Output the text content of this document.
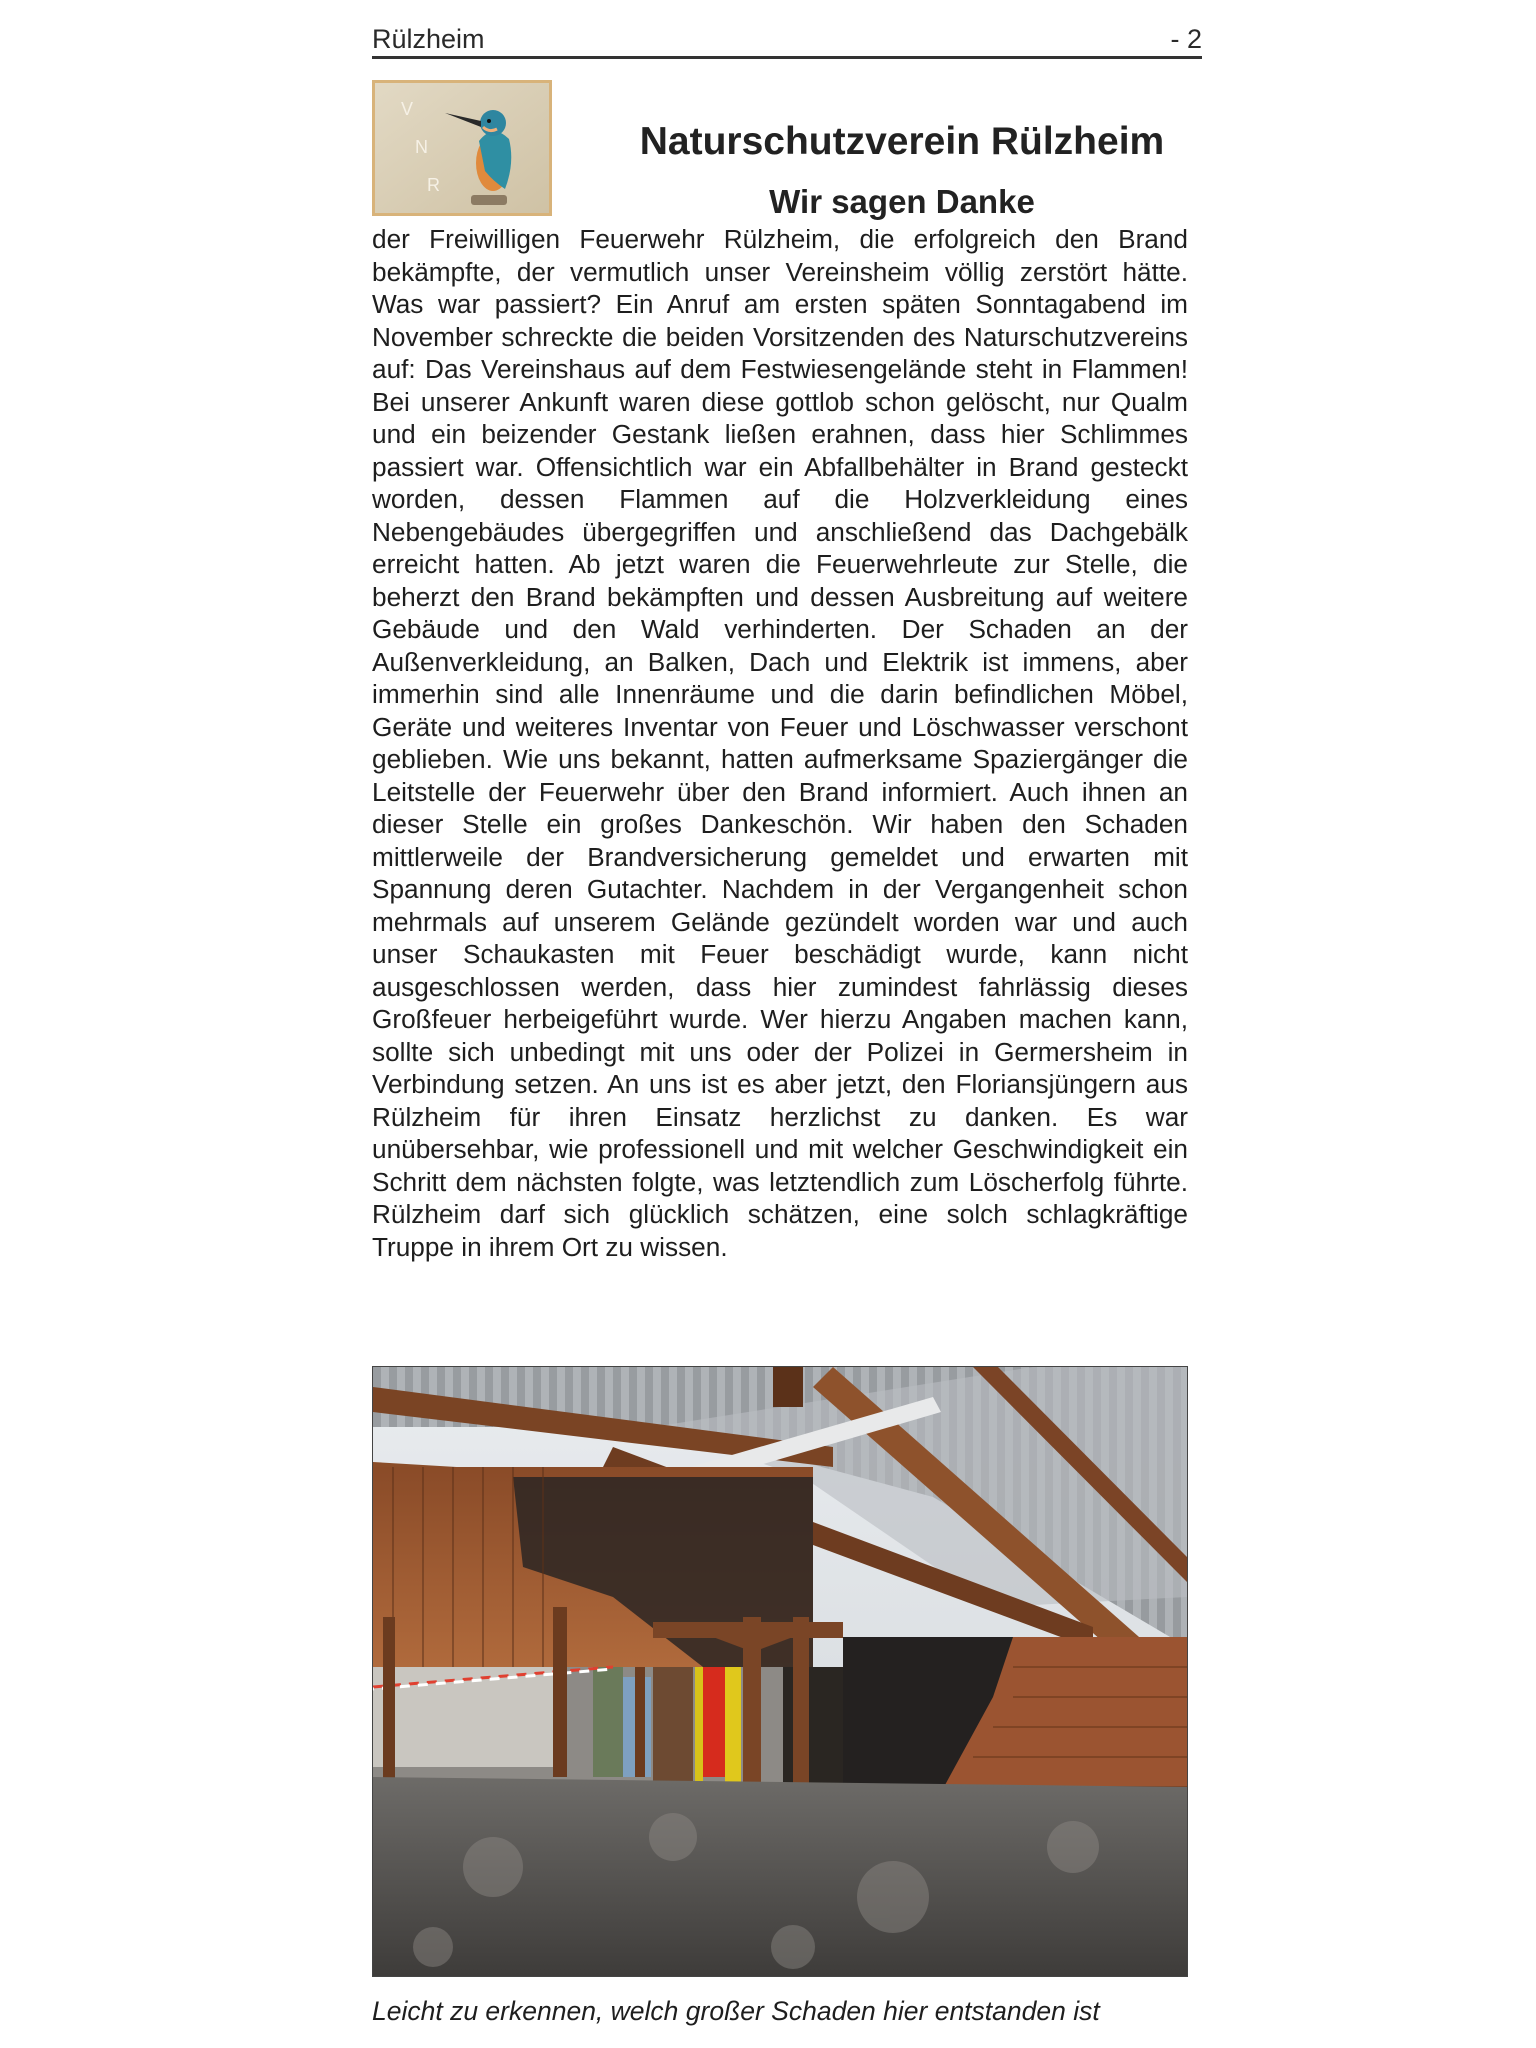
Rülzheim	- 2
V
N
R
Naturschutzverein Rülzheim
Wir sagen Danke
der Freiwilligen Feuerwehr Rülzheim, die erfolgreich den Brand bekämpfte, der vermutlich unser Vereinsheim völlig zerstört hätte. Was war passiert? Ein Anruf am ersten späten Sonntagabend im November schreckte die beiden Vorsitzenden des Naturschutzvereins auf: Das Vereinshaus auf dem Festwiesengelände steht in Flammen! Bei unserer Ankunft waren diese gottlob schon gelöscht, nur Qualm und ein beizender Gestank ließen erahnen, dass hier Schlimmes passiert war. Offensichtlich war ein Abfallbehälter in Brand gesteckt worden, dessen Flammen auf die Holzverkleidung eines Nebengebäudes übergegriffen und anschließend das Dachgebälk erreicht hatten. Ab jetzt waren die Feuerwehrleute zur Stelle, die beherzt den Brand bekämpften und dessen Ausbreitung auf weitere Gebäude und den Wald verhinderten. Der Schaden an der Außenverkleidung, an Balken, Dach und Elektrik ist immens, aber immerhin sind alle Innenräume und die darin befindlichen Möbel, Geräte und weiteres Inventar von Feuer und Löschwasser verschont geblieben. Wie uns bekannt, hatten aufmerksame Spaziergänger die Leitstelle der Feuerwehr über den Brand informiert. Auch ihnen an dieser Stelle ein großes Dankeschön. Wir haben den Schaden mittlerweile der Brandversicherung gemeldet und erwarten mit Spannung deren Gutachter. Nachdem in der Vergangenheit schon mehrmals auf unserem Gelände gezündelt worden war und auch unser Schaukasten mit Feuer beschädigt wurde, kann nicht ausgeschlossen werden, dass hier zumindest fahrlässig dieses Großfeuer herbeigeführt wurde. Wer hierzu Angaben machen kann, sollte sich unbedingt mit uns oder der Polizei in Germersheim in Verbindung setzen. An uns ist es aber jetzt, den Floriansjüngern aus Rülzheim für ihren Einsatz herzlichst zu danken. Es war unübersehbar, wie professionell und mit welcher Geschwindigkeit ein Schritt dem nächsten folgte, was letztendlich zum Löscherfolg führte. Rülzheim darf sich glücklich schätzen, eine solch schlagkräftige Truppe in ihrem Ort zu wissen.
Leicht zu erkennen, welch großer Schaden hier entstanden ist
